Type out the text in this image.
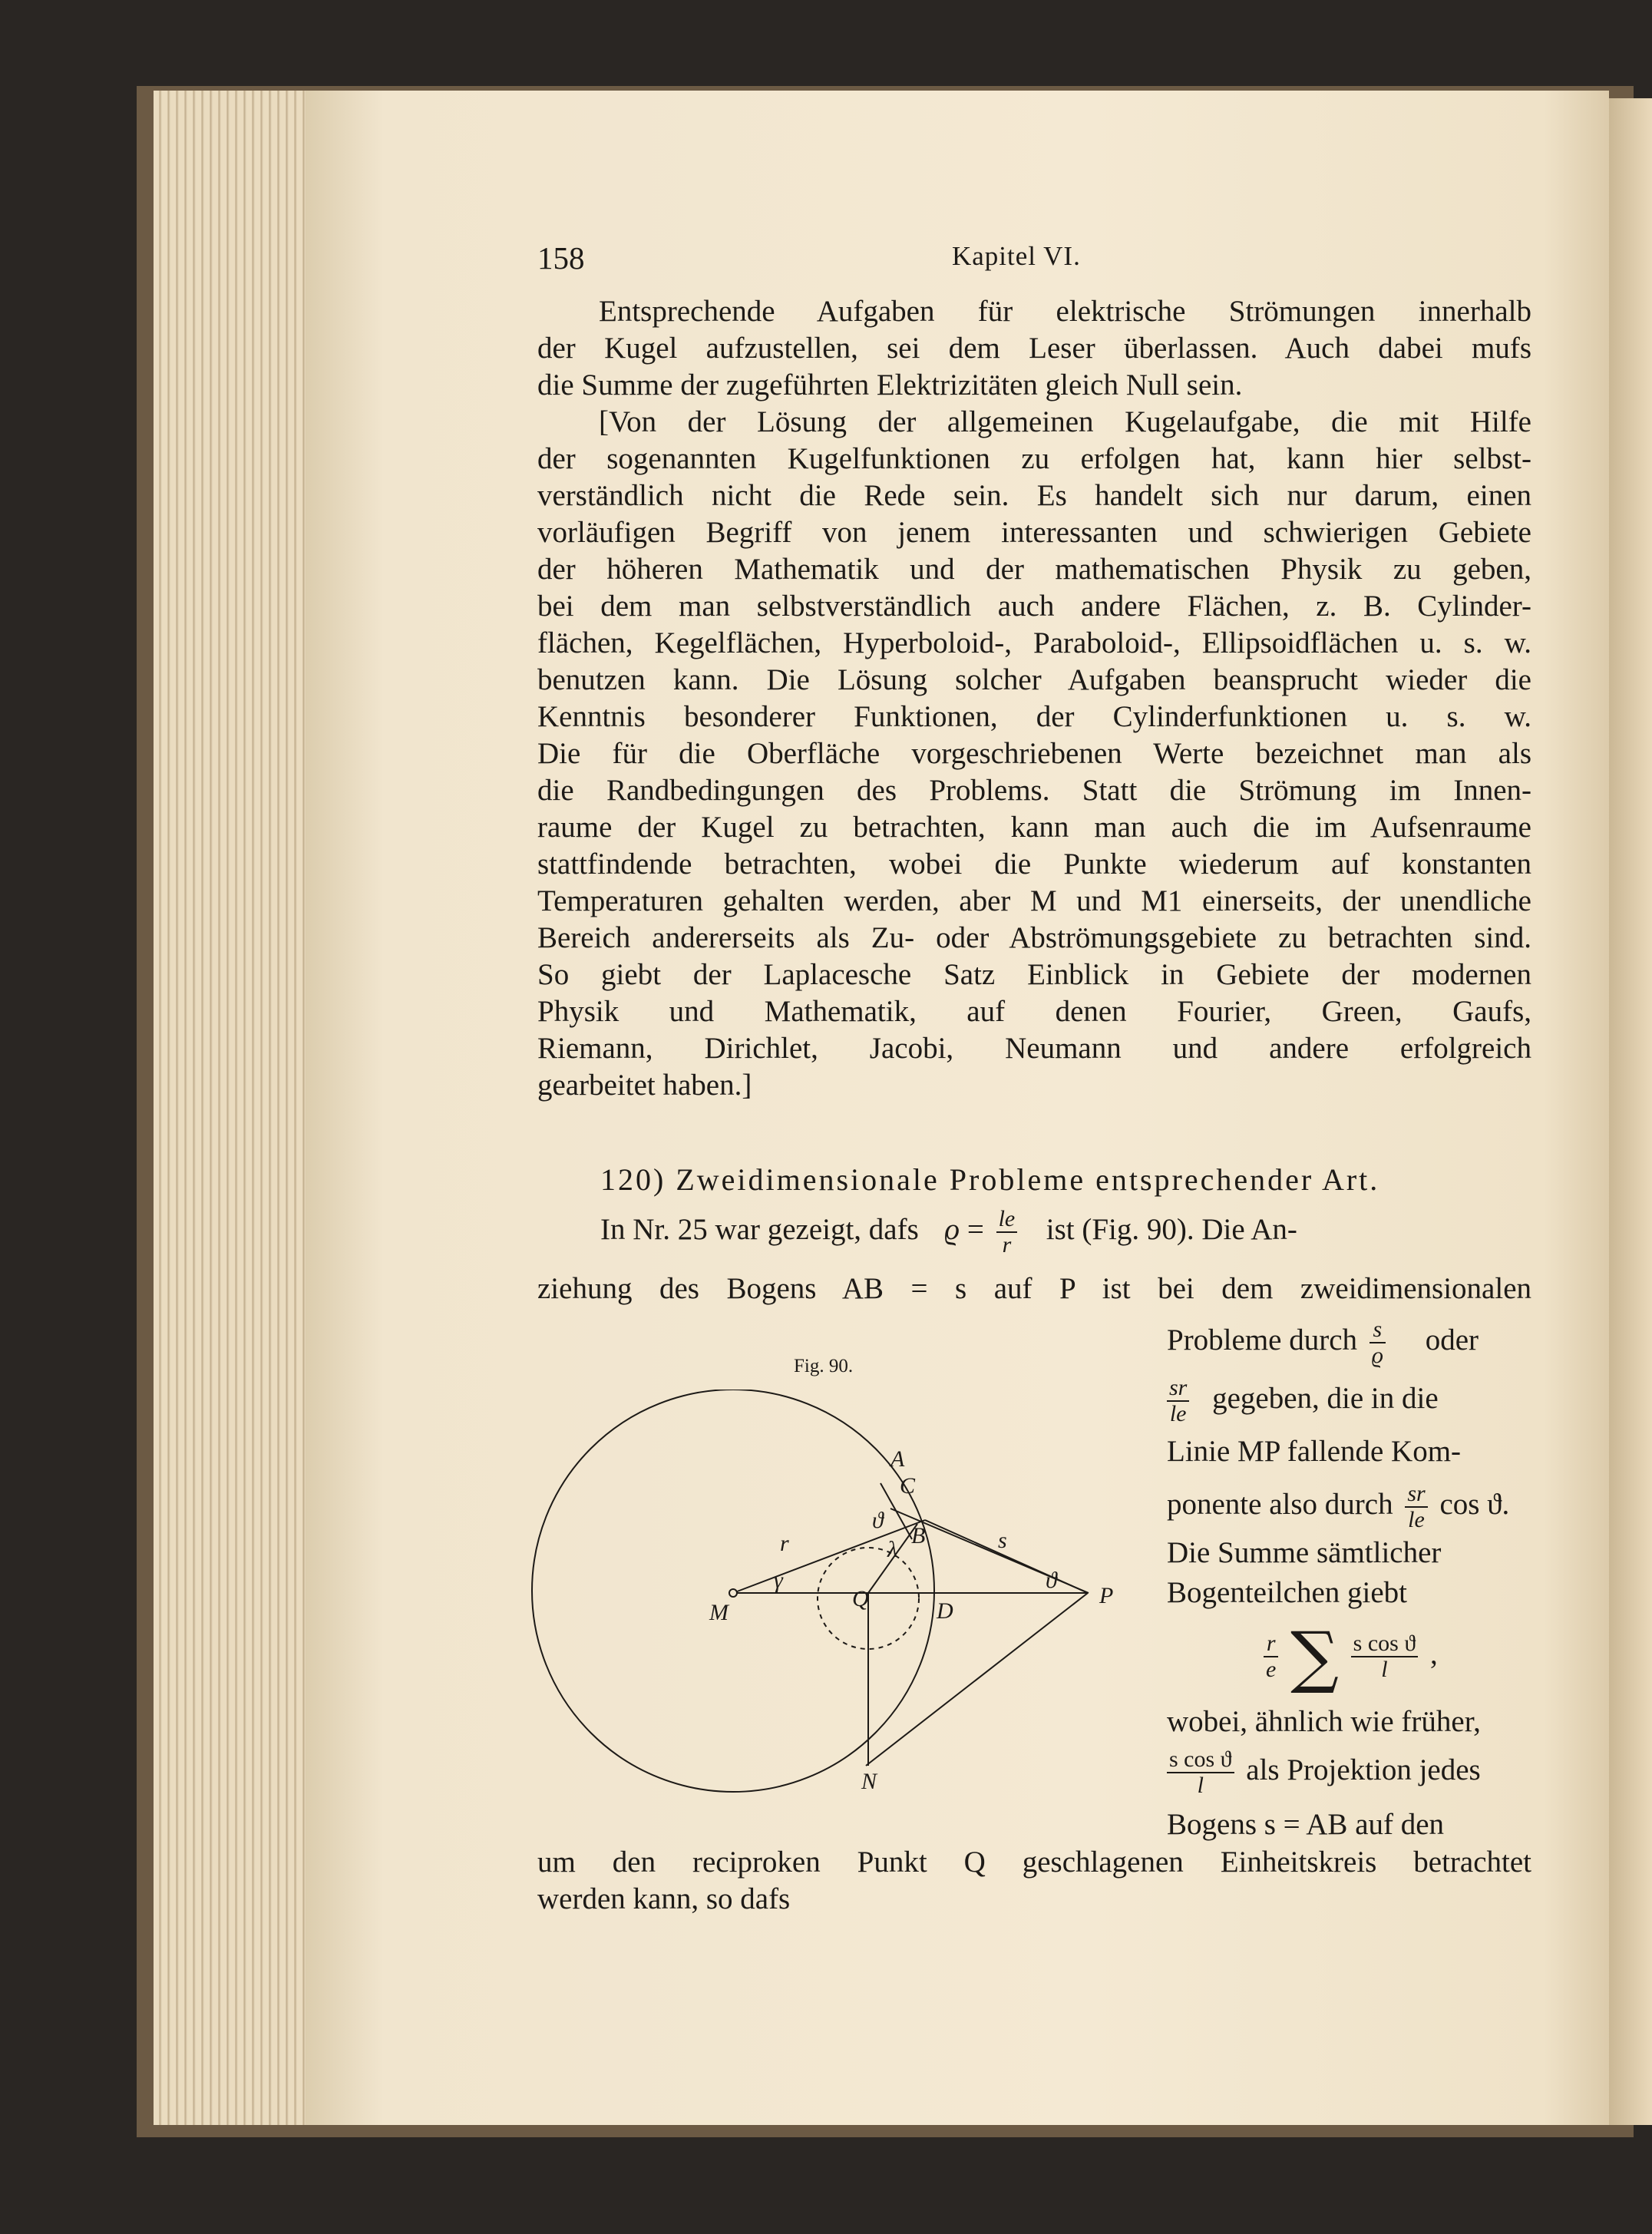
158	Kapitel VI.
Entsprechende Aufgaben für elektrische Strömungen innerhalb
der Kugel aufzustellen, sei dem Leser überlassen. Auch dabei mufs
die Summe der zugeführten Elektrizitäten gleich Null sein.
[Von der Lösung der allgemeinen Kugelaufgabe, die mit Hilfe
der sogenannten Kugelfunktionen zu erfolgen hat, kann hier selbst-
verständlich nicht die Rede sein. Es handelt sich nur darum, einen
vorläufigen Begriff von jenem interessanten und schwierigen Gebiete
der höheren Mathematik und der mathematischen Physik zu geben,
bei dem man selbstverständlich auch andere Flächen, z. B. Cylinder-
flächen, Kegelflächen, Hyperboloid-, Paraboloid-, Ellipsoidflächen u. s. w.
benutzen kann. Die Lösung solcher Aufgaben beansprucht wieder die
Kenntnis besonderer Funktionen, der Cylinderfunktionen u. s. w.
Die für die Oberfläche vorgeschriebenen Werte bezeichnet man als
die Randbedingungen des Problems. Statt die Strömung im Innen-
raume der Kugel zu betrachten, kann man auch die im Aufsenraume
stattfindende betrachten, wobei die Punkte wiederum auf konstanten
Temperaturen gehalten werden, aber M und M1 einerseits, der unendliche
Bereich andererseits als Zu- oder Abströmungsgebiete zu betrachten sind.
So giebt der Laplacesche Satz Einblick in Gebiete der modernen
Physik und Mathematik, auf denen Fourier, Green, Gaufs,
Riemann, Dirichlet, Jacobi, Neumann und andere erfolgreich
gearbeitet haben.]
120) Zweidimensionale Probleme entsprechender Art.
In Nr. 25 war gezeigt, dafs $ϱ = \frac{le}{r}$ ist (Fig. 90). Die An-
ziehung des Bogens AB = s auf P ist bei dem zweidimensionalen
Probleme durch $\frac{s}{ϱ}$ oder
$\frac{sr}{le}$ gegeben, die in die
Linie MP fallende Kom-
ponente also durch $\frac{sr}{le}$ cos ϑ.
Die Summe sämtlicher
Bogenteilchen giebt
$\frac{r}{e}$ ∑ $\frac{\text{s cos ϑ}}{l}$ ,
wobei, ähnlich wie früher,
$\frac{\text{s cos ϑ}}{l}$ als Projektion jedes
Bogens s = AB auf den
um den reciproken Punkt Q geschlagenen Einheitskreis betrachtet
werden kann, so dafs
Fig. 90.
A
C
B
D
M
N
P
Q
r	s
λ
ϑ
ϑ
γ
